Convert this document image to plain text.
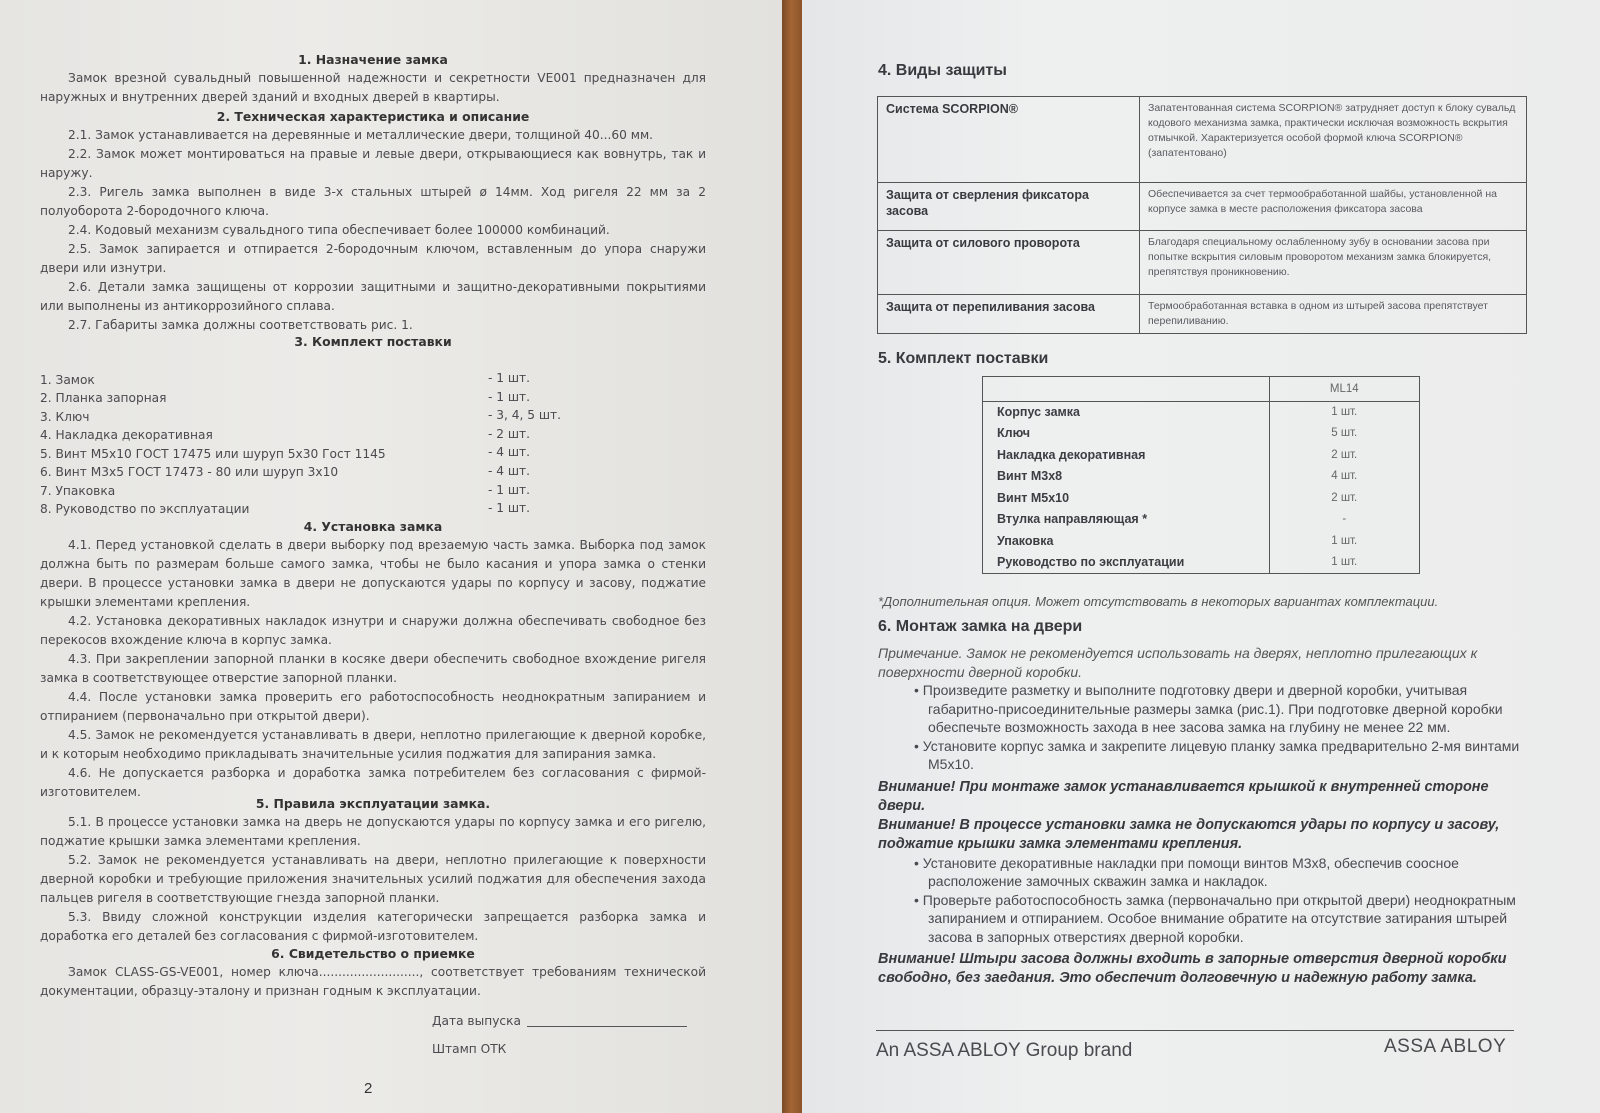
1. Назначение замка
Замок врезной сувальдный повышенной надежности и секретности VE001 предназначен для наружных и внутренних дверей зданий и входных дверей в квартиры.
2. Техническая характеристика и описание
2.1. Замок устанавливается на деревянные и металлические двери, толщиной 40...60 мм.
2.2. Замок может монтироваться на правые и левые двери, открывающиеся как вовнутрь, так и наружу.
2.3. Ригель замка выполнен в виде 3-х стальных штырей ø 14мм. Ход ригеля 22 мм за 2 полуоборота 2-бородочного ключа.
2.4. Кодовый механизм сувальдного типа обеспечивает более 100000 комбинаций.
2.5. Замок запирается и отпирается 2-бородочным ключом, вставленным до упора снаружи двери или изнутри.
2.6. Детали замка защищены от коррозии защитными и защитно-декоративными покрытиями или выполнены из антикоррозийного сплава.
2.7. Габариты замка должны соответствовать рис. 1.
3. Комплект поставки
1. Замок	- 1 шт.
2. Планка запорная	- 1 шт.
3. Ключ	- 3, 4, 5 шт.
4. Накладка декоративная	- 2 шт.
5. Винт М5х10 ГОСТ 17475 или шуруп 5х30 Гост 1145	- 4 шт.
6. Винт М3х5 ГОСТ 17473 - 80 или шуруп 3х10	- 4 шт.
7. Упаковка	- 1 шт.
8. Руководство по эксплуатации	- 1 шт.
4. Установка замка
4.1. Перед установкой сделать в двери выборку под врезаемую часть замка. Выборка под замок должна быть по размерам больше самого замка, чтобы не было касания и упора замка о стенки двери. В процессе установки замка в двери не допускаются удары по корпусу и засову, поджатие крышки элементами крепления.
4.2. Установка декоративных накладок изнутри и снаружи должна обеспечивать свободное без перекосов вхождение ключа в корпус замка.
4.3. При закреплении запорной планки в косяке двери обеспечить свободное вхождение ригеля замка в соответствующее отверстие запорной планки.
4.4. После установки замка проверить его работоспособность неоднократным запиранием и отпиранием (первоначально при открытой двери).
4.5. Замок не рекомендуется устанавливать в двери, неплотно прилегающие к дверной коробке, и к которым необходимо прикладывать значительные усилия поджатия для запирания замка.
4.6. Не допускается разборка и доработка замка потребителем без согласования с фирмой-изготовителем.
5. Правила эксплуатации замка.
5.1. В процессе установки замка на дверь не допускаются удары по корпусу замка и его ригелю, поджатие крышки замка элементами крепления.
5.2. Замок не рекомендуется устанавливать на двери, неплотно прилегающие к поверхности дверной коробки и требующие приложения значительных усилий поджатия для обеспечения захода пальцев ригеля в соответствующие гнезда запорной планки.
5.3. Ввиду сложной конструкции изделия категорически запрещается разборка замка и доработка его деталей без согласования с фирмой-изготовителем.
6. Свидетельство о приемке
Замок CLASS-GS-VE001, номер ключа.........................., соответствует требованиям технической документации, образцу-эталону и признан годным к эксплуатации.
Дата выпуска
Штамп ОТК
2
4. Виды защиты
Система SCORPION®	Запатентованная система SCORPION® затрудняет доступ к блоку сувальд кодового механизма замка, практически исключая возможность вскрытия отмычкой. Характеризуется особой формой ключа SCORPION® (запатентовано)
Защита от сверления фиксатора засова	Обеспечивается за счет термообработанной шайбы, установленной на корпусе замка в месте расположения фиксатора засова
Защита от силового проворота	Благодаря специальному ослабленному зубу в основании засова при попытке вскрытия силовым проворотом механизм замка блокируется, препятствуя проникновению.
Защита от перепиливания засова	Термообработанная вставка в одном из штырей засова препятствует перепиливанию.
5. Комплект поставки
	ML14
Корпус замка	1 шт.
Ключ	5 шт.
Накладка декоративная	2 шт.
Винт М3х8	4 шт.
Винт М5х10	2 шт.
Втулка направляющая *	-
Упаковка	1 шт.
Руководство по эксплуатации	1 шт.
*Дополнительная опция. Может отсутствовать в некоторых вариантах комплектации.
6. Монтаж замка на двери
Примечание. Замок не рекомендуется использовать на дверях, неплотно прилегающих к поверхности дверной коробки.
• Произведите разметку и выполните подготовку двери и дверной коробки, учитывая габаритно-присоединительные размеры замка (рис.1). При подготовке дверной коробки обеспечьте возможность захода в нее засова замка на глубину не менее 22 мм.
• Установите корпус замка и закрепите лицевую планку замка предварительно 2-мя винтами М5х10.
Внимание! При монтаже замок устанавливается крышкой к внутренней стороне двери.
Внимание! В процессе установки замка не допускаются удары по корпусу и засову, поджатие крышки замка элементами крепления.
• Установите декоративные накладки при помощи винтов М3х8, обеспечив соосное расположение замочных скважин замка и накладок.
• Проверьте работоспособность замка (первоначально при открытой двери) неоднократным запиранием и отпиранием. Особое внимание обратите на отсутствие затирания штырей засова в запорных отверстиях дверной коробки.
Внимание! Штыри засова должны входить в запорные отверстия дверной коробки свободно, без заедания. Это обеспечит долговечную и надежную работу замка.
An ASSA ABLOY Group brand	ASSA ABLOY
